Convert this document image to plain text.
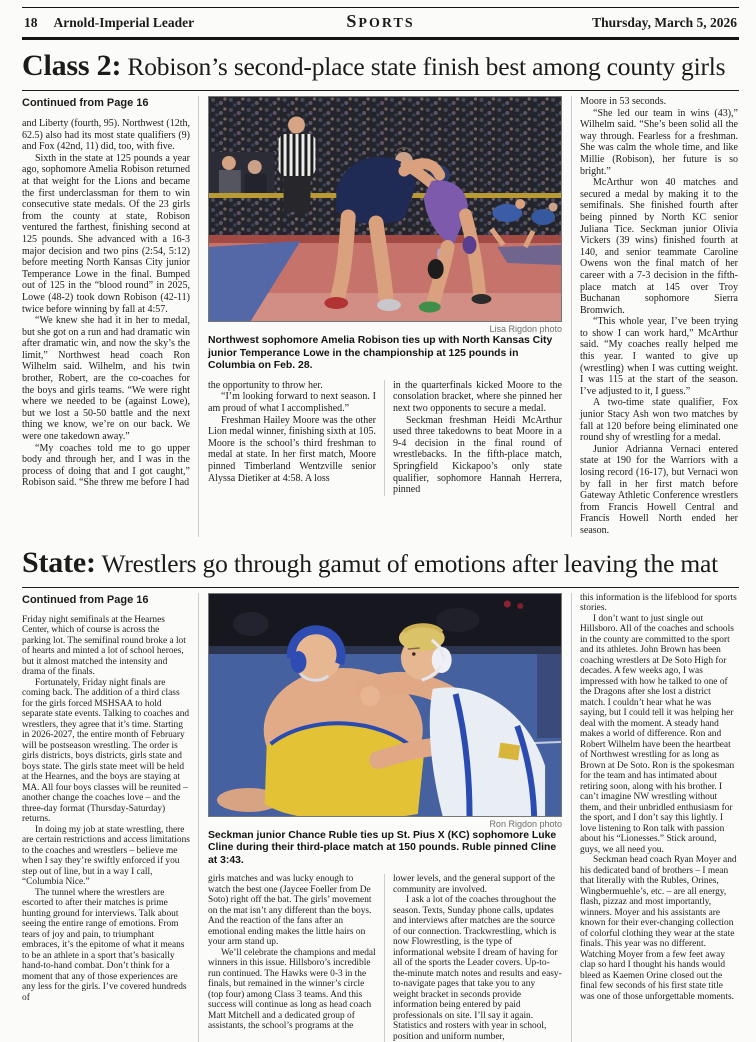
18 Arnold-Imperial Leader	SPORTS	Thursday, March 5, 2026
Class 2: Robison’s second-place state finish best among county girls
Continued from Page 16

and Liberty (fourth, 95). Northwest (12th, 62.5) also had its most state qualifiers (9) and Fox (42nd, 11) did, too, with five.

Sixth in the state at 125 pounds a year ago, sophomore Amelia Robison returned at that weight for the Lions and became the first underclassman for them to win consecutive state medals. Of the 23 girls from the county at state, Robison ventured the farthest, finishing second at 125 pounds. She advanced with a 16-3 major decision and two pins (2:54, 5:12) before meeting North Kansas City junior Temperance Lowe in the final. Bumped out of 125 in the “blood round” in 2025, Lowe (48-2) took down Robison (42-11) twice before winning by fall at 4:57.

“We knew she had it in her to medal, but she got on a run and had dramatic win after dramatic win, and now the sky’s the limit,” Northwest head coach Ron Wilhelm said. Wilhelm, and his twin brother, Robert, are the co-coaches for the boys and girls teams. “We were right where we needed to be (against Lowe), but we lost a 50-50 battle and the next thing we know, we’re on our back. We were one takedown away.”

“My coaches told me to go upper body and through her, and I was in the process of doing that and I got caught,” Robison said. “She threw me before I had

Lisa Rigdon photo
Northwest sophomore Amelia Robison ties up with North Kansas City junior Temperance Lowe in the championship at 125 pounds in Columbia on Feb. 28.

the opportunity to throw her.

“I’m looking forward to next season. I am proud of what I accomplished.”

Freshman Hailey Moore was the other Lion medal winner, finishing sixth at 105. Moore is the school’s third freshman to medal at state. In her first match, Moore pinned Timberland Wentzville senior Alyssa Dietiker at 4:58. A loss

in the quarterfinals kicked Moore to the consolation bracket, where she pinned her next two opponents to secure a medal.

Seckman freshman Heidi McArthur used three takedowns to beat Moore in a 9-4 decision in the final round of wrestlebacks. In the fifth-place match, Springfield Kickapoo’s only state qualifier, sophomore Hannah Herrera, pinned

Moore in 53 seconds.

“She led our team in wins (43),” Wilhelm said. “She’s been solid all the way through. Fearless for a freshman. She was calm the whole time, and like Millie (Robison), her future is so bright.”

McArthur won 40 matches and secured a medal by making it to the semifinals. She finished fourth after being pinned by North KC senior Juliana Tice. Seckman junior Olivia Vickers (39 wins) finished fourth at 140, and senior teammate Caroline Owens won the final match of her career with a 7-3 decision in the fifth-place match at 145 over Troy Buchanan sophomore Sierra Bromwich.

“This whole year, I’ve been trying to show I can work hard,” McArthur said. “My coaches really helped me this year. I wanted to give up (wrestling) when I was cutting weight. I was 115 at the start of the season. I’ve adjusted to it, I guess.”

A two-time state qualifier, Fox junior Stacy Ash won two matches by fall at 120 before being eliminated one round shy of wrestling for a medal.

Junior Adrianna Vernaci entered state at 190 for the Warriors with a losing record (16-17), but Vernaci won by fall in her first match before Gateway Athletic Conference wrestlers from Francis Howell Central and Francis Howell North ended her season.

State: Wrestlers go through gamut of emotions after leaving the mat
Continued from Page 16

Friday night semifinals at the Hearnes Center, which of course is across the parking lot. The semifinal round broke a lot of hearts and minted a lot of school heroes, but it almost matched the intensity and drama of the finals.

Fortunately, Friday night finals are coming back. The addition of a third class for the girls forced MSHSAA to hold separate state events. Talking to coaches and wrestlers, they agree that it’s time. Starting in 2026-2027, the entire month of February will be postseason wrestling. The order is girls districts, boys districts, girls state and boys state. The girls state meet will be held at the Hearnes, and the boys are staying at MA. All four boys classes will be reunited – another change the coaches love – and the three-day format (Thursday-Saturday) returns.

In doing my job at state wrestling, there are certain restrictions and access limitations to the coaches and wrestlers – believe me when I say they’re swiftly enforced if you step out of line, but in a way I call, “Columbia Nice.”

The tunnel where the wrestlers are escorted to after their matches is prime hunting ground for interviews. Talk about seeing the entire range of emotions. From tears of joy and pain, to triumphant embraces, it’s the epitome of what it means to be an athlete in a sport that’s basically hand-to-hand combat. Don’t think for a moment that any of those experiences are any less for the girls. I’ve covered hundreds of

Ron Rigdon photo
Seckman junior Chance Ruble ties up St. Pius X (KC) sophomore Luke Cline during their third-place match at 150 pounds. Ruble pinned Cline at 3:43.

girls matches and was lucky enough to watch the best one (Jaycee Foeller from De Soto) right off the bat. The girls’ movement on the mat isn’t any different than the boys. And the reaction of the fans after an emotional ending makes the little hairs on your arm stand up.

We’ll celebrate the champions and medal winners in this issue. Hillsboro’s incredible run continued. The Hawks were 0-3 in the finals, but remained in the winner’s circle (top four) among Class 3 teams. And this success will continue as long as head coach Matt Mitchell and a dedicated group of assistants, the school’s programs at the

lower levels, and the general support of the community are involved.

I ask a lot of the coaches throughout the season. Texts, Sunday phone calls, updates and interviews after matches are the source of our connection. Trackwrestling, which is now Flowrestling, is the type of informational website I dream of having for all of the sports the Leader covers. Up-to-the-minute match notes and results and easy-to-navigate pages that take you to any weight bracket in seconds provide information being entered by paid professionals on site. I’ll say it again. Statistics and rosters with year in school, position and uniform number,

this information is the lifeblood for sports stories.

I don’t want to just single out Hillsboro. All of the coaches and schools in the county are committed to the sport and its athletes. John Brown has been coaching wrestlers at De Soto High for decades. A few weeks ago, I was impressed with how he talked to one of the Dragons after she lost a district match. I couldn’t hear what he was saying, but I could tell it was helping her deal with the moment. A steady hand makes a world of difference. Ron and Robert Wilhelm have been the heartbeat of Northwest wrestling for as long as Brown at De Soto. Ron is the spokesman for the team and has intimated about retiring soon, along with his brother. I can’t imagine NW wrestling without them, and their unbridled enthusiasm for the sport, and I don’t say this lightly. I love listening to Ron talk with passion about his “Lionesses.” Stick around, guys, we all need you.

Seckman head coach Ryan Moyer and his dedicated band of brothers – I mean that literally with the Rubles, Orines, Wingbermuehle’s, etc. – are all energy, flash, pizzaz and most importantly, winners. Moyer and his assistants are known for their ever-changing collection of colorful clothing they wear at the state finals. This year was no different. Watching Moyer from a few feet away clap so hard I thought his hands would bleed as Kaemen Orine closed out the final few seconds of his first state title was one of those unforgettable moments.
